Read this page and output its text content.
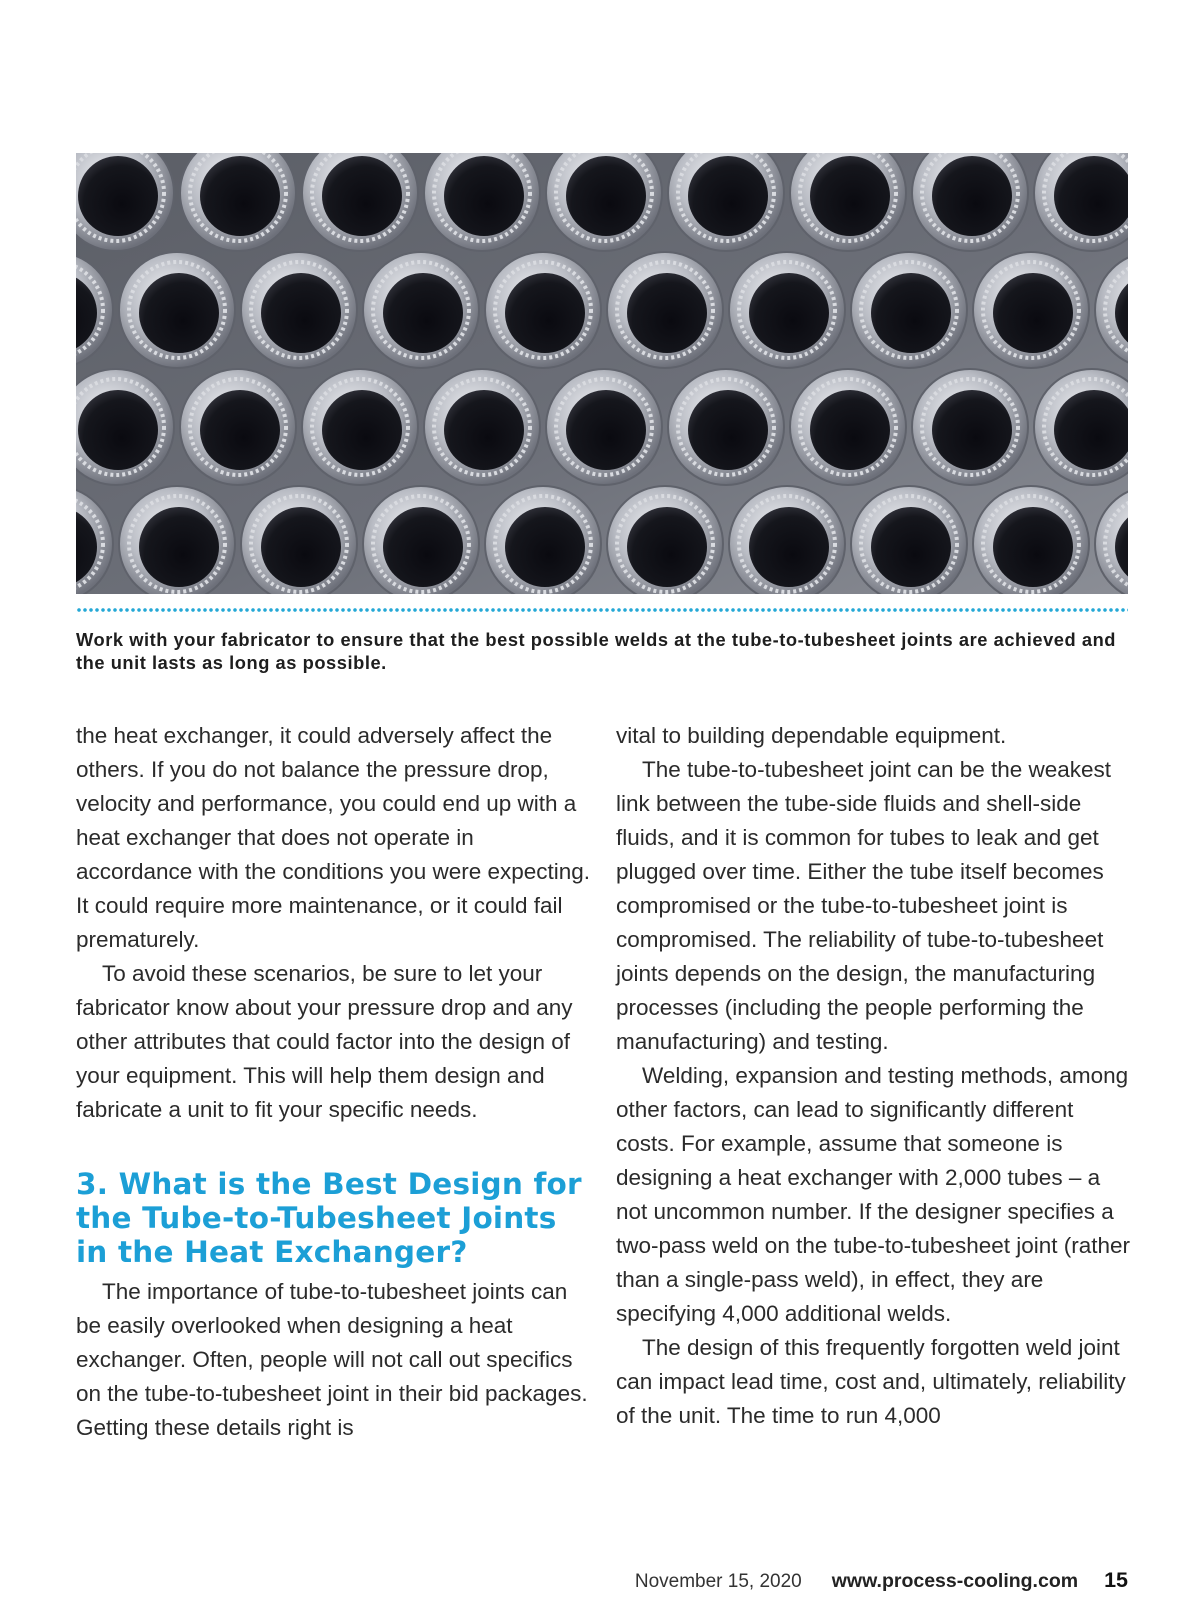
Work with your fabricator to ensure that the best possible welds at the tube-to-tubesheet joints are achieved and the unit lasts as long as possible.

the heat exchanger, it could adversely affect the others. If you do not balance the pressure drop, velocity and performance, you could end up with a heat exchanger that does not operate in accordance with the conditions you were expecting. It could require more maintenance, or it could fail prematurely.

To avoid these scenarios, be sure to let your fabricator know about your pressure drop and any other attributes that could factor into the design of your equipment. This will help them design and fabricate a unit to fit your specific needs.

3. What is the Best Design for the Tube-to-Tubesheet Joints in the Heat Exchanger?

The importance of tube-to-tubesheet joints can be easily overlooked when designing a heat exchanger. Often, people will not call out specifics on the tube-to-tubesheet joint in their bid packages. Getting these details right is

vital to building dependable equipment.

The tube-to-tubesheet joint can be the weakest link between the tube-side fluids and shell-side fluids, and it is common for tubes to leak and get plugged over time. Either the tube itself becomes compromised or the tube-to-tubesheet joint is compromised. The reliability of tube-to-tubesheet joints depends on the design, the manufacturing processes (including the people performing the manufacturing) and testing.

Welding, expansion and testing methods, among other factors, can lead to significantly different costs. For example, assume that someone is designing a heat exchanger with 2,000 tubes – a not uncommon number. If the designer specifies a two-pass weld on the tube-to-tubesheet joint (rather than a single-pass weld), in effect, they are specifying 4,000 additional welds.

The design of this frequently forgotten weld joint can impact lead time, cost and, ultimately, reliability of the unit. The time to run 4,000

November 15, 2020 www.process-cooling.com 15
